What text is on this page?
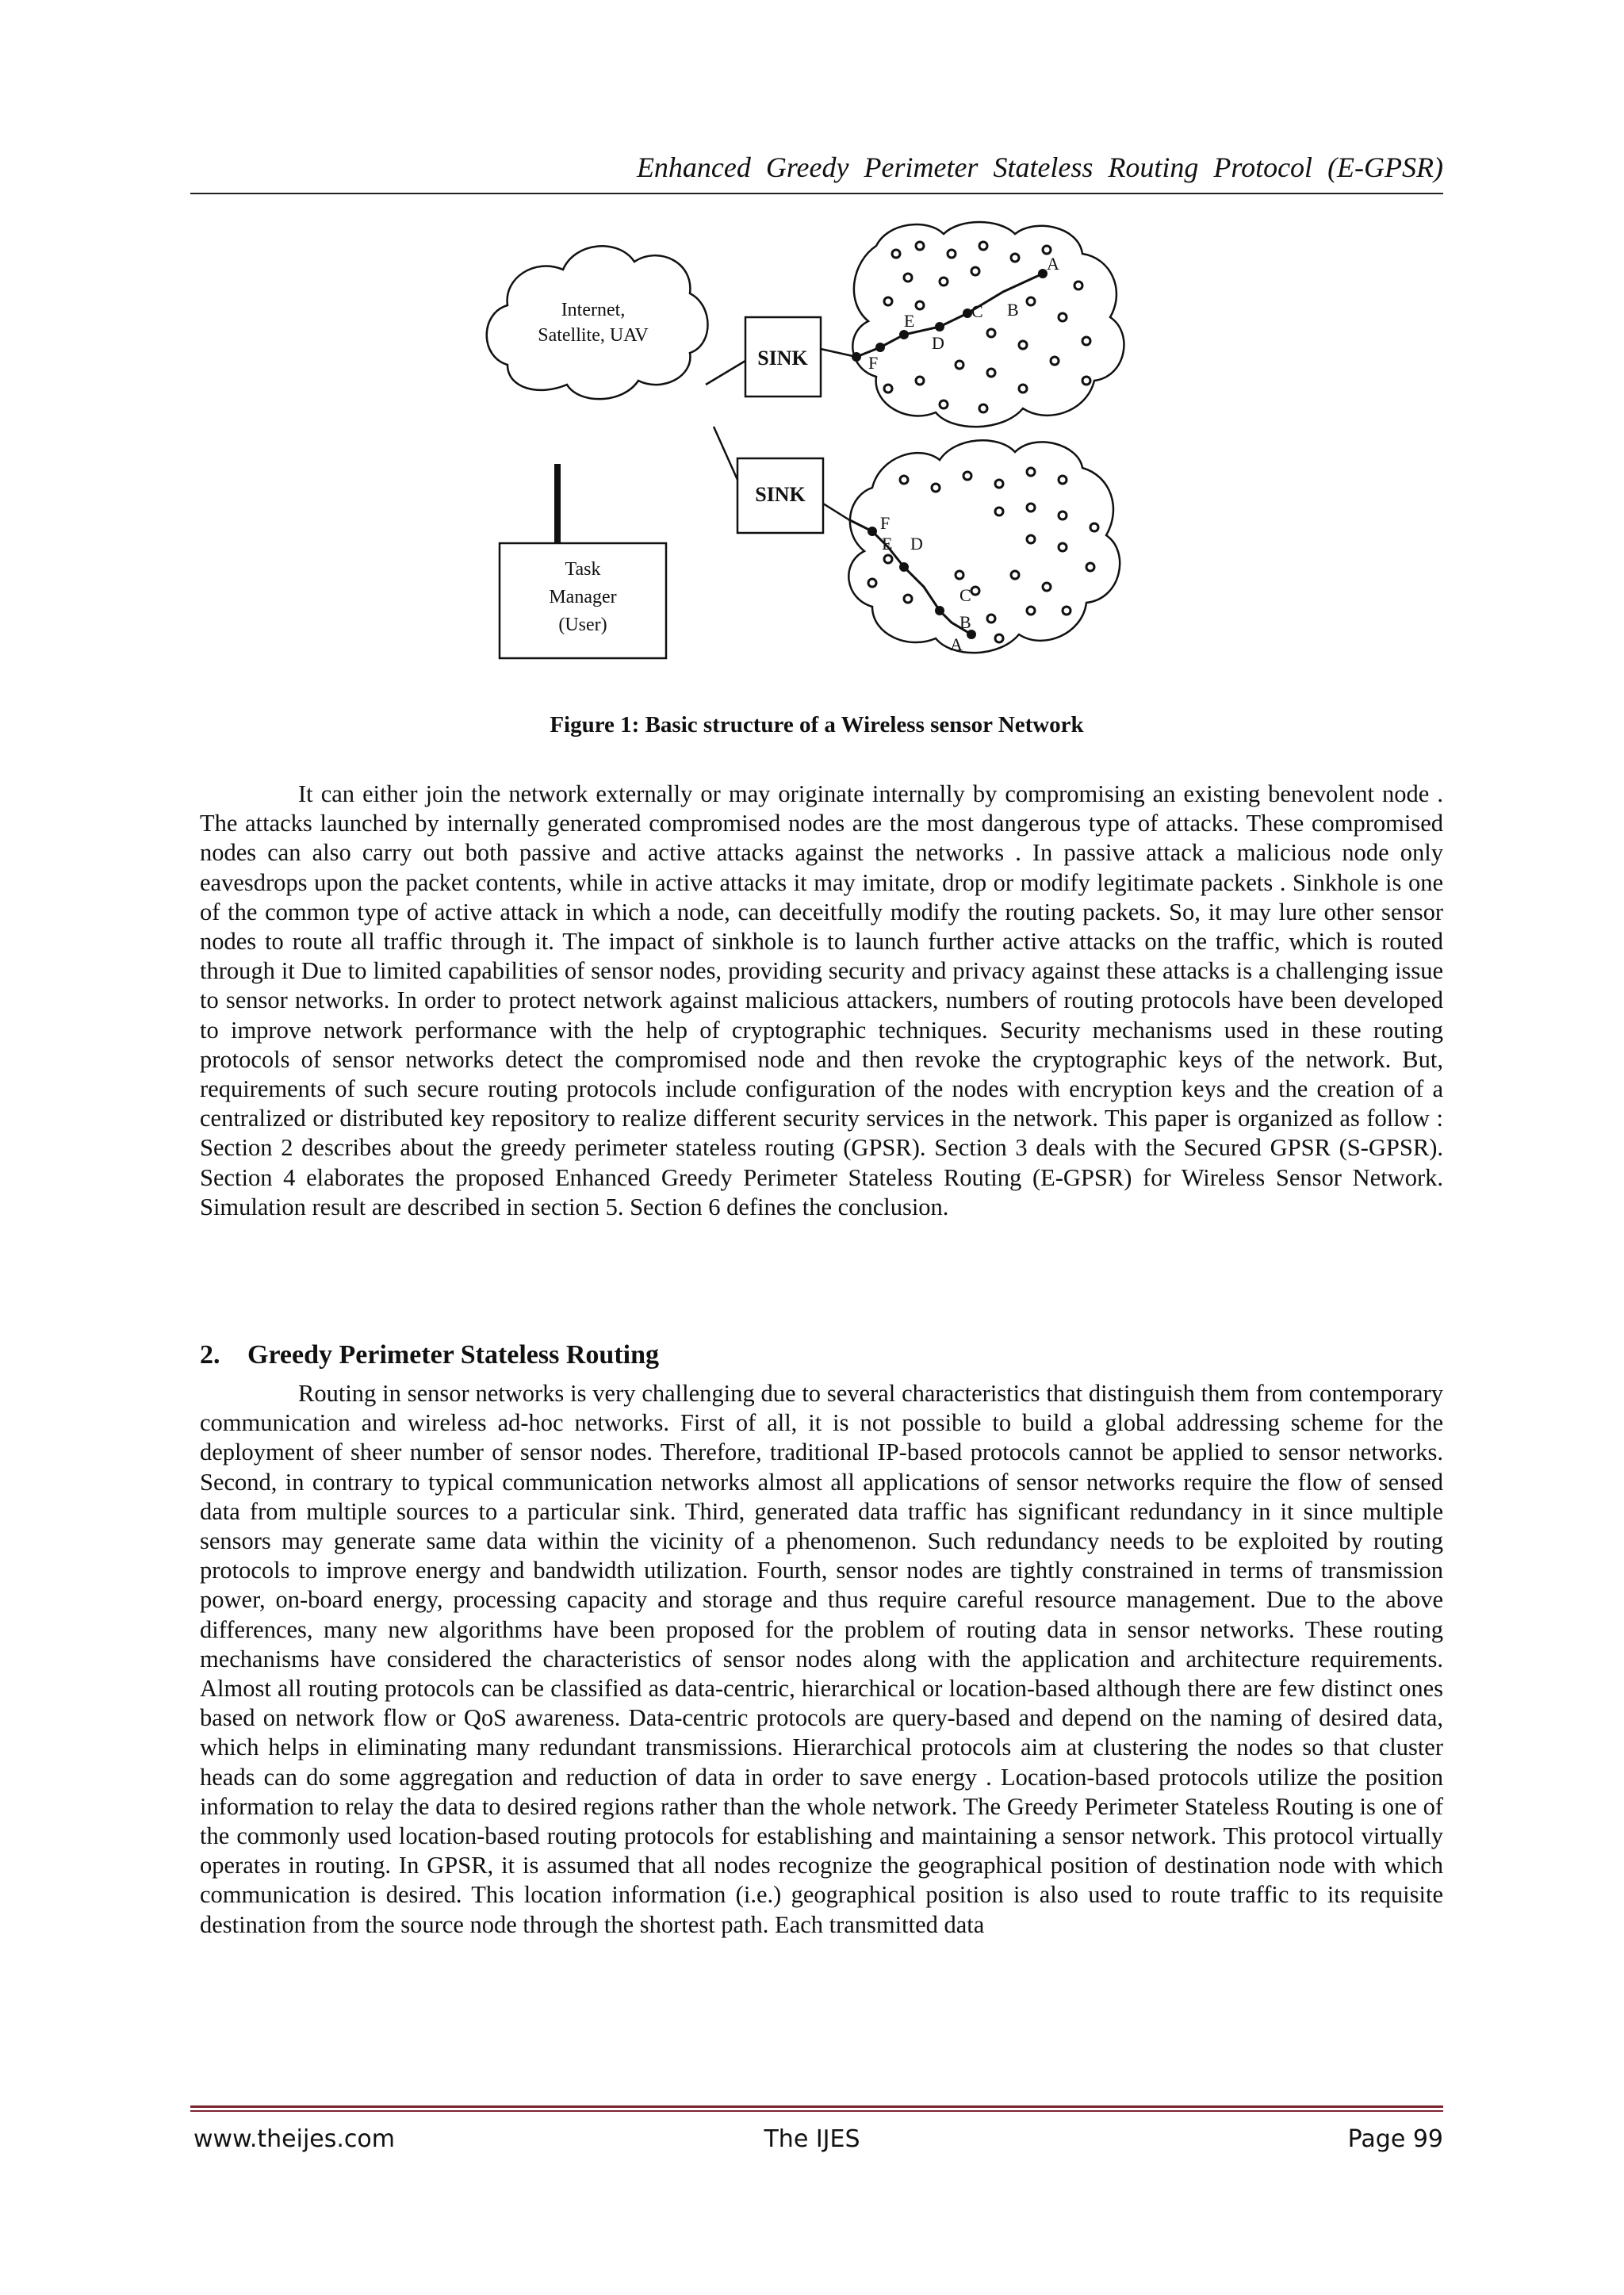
Enhanced Greedy Perimeter Stateless Routing Protocol (E-GPSR)
Internet,
Satellite, UAV
SINK
SINK
Task
Manager
(User)
A
B
C
D
E
F
F
E D
C
B
A
Figure 1: Basic structure of a Wireless sensor Network

It can either join the network externally or may originate internally by compromising an existing benevolent node . The attacks launched by internally generated compromised nodes are the most dangerous type of attacks. These compromised nodes can also carry out both passive and active attacks against the networks . In passive attack a malicious node only eavesdrops upon the packet contents, while in active attacks it may imitate, drop or modify legitimate packets . Sinkhole is one of the common type of active attack in which a node, can deceitfully modify the routing packets. So, it may lure other sensor nodes to route all traffic through it. The impact of sinkhole is to launch further active attacks on the traffic, which is routed through it Due to limited capabilities of sensor nodes, providing security and privacy against these attacks is a challenging issue to sensor networks. In order to protect network against malicious attackers, numbers of routing protocols have been developed to improve network performance with the help of cryptographic techniques. Security mechanisms used in these routing protocols of sensor networks detect the compromised node and then revoke the cryptographic keys of the network. But, requirements of such secure routing protocols include configuration of the nodes with encryption keys and the creation of a centralized or distributed key repository to realize different security services in the network. This paper is organized as follow : Section 2 describes about the greedy perimeter stateless routing (GPSR). Section 3 deals with the Secured GPSR (S-GPSR). Section 4 elaborates the proposed Enhanced Greedy Perimeter Stateless Routing (E-GPSR) for Wireless Sensor Network. Simulation result are described in section 5. Section 6 defines the conclusion.

2. Greedy Perimeter Stateless Routing

Routing in sensor networks is very challenging due to several characteristics that distinguish them from contemporary communication and wireless ad-hoc networks. First of all, it is not possible to build a global addressing scheme for the deployment of sheer number of sensor nodes. Therefore, traditional IP-based protocols cannot be applied to sensor networks. Second, in contrary to typical communication networks almost all applications of sensor networks require the flow of sensed data from multiple sources to a particular sink. Third, generated data traffic has significant redundancy in it since multiple sensors may generate same data within the vicinity of a phenomenon. Such redundancy needs to be exploited by routing protocols to improve energy and bandwidth utilization. Fourth, sensor nodes are tightly constrained in terms of transmission power, on-board energy, processing capacity and storage and thus require careful resource management. Due to the above differences, many new algorithms have been proposed for the problem of routing data in sensor networks. These routing mechanisms have considered the characteristics of sensor nodes along with the application and architecture requirements. Almost all routing protocols can be classified as data-centric, hierarchical or location-based although there are few distinct ones based on network flow or QoS awareness. Data-centric protocols are query-based and depend on the naming of desired data, which helps in eliminating many redundant transmissions. Hierarchical protocols aim at clustering the nodes so that cluster heads can do some aggregation and reduction of data in order to save energy . Location-based protocols utilize the position information to relay the data to desired regions rather than the whole network. The Greedy Perimeter Stateless Routing is one of the commonly used location-based routing protocols for establishing and maintaining a sensor network. This protocol virtually operates in routing. In GPSR, it is assumed that all nodes recognize the geographical position of destination node with which communication is desired. This location information (i.e.) geographical position is also used to route traffic to its requisite destination from the source node through the shortest path. Each transmitted data

www.theijes.com	The IJES	Page 99
